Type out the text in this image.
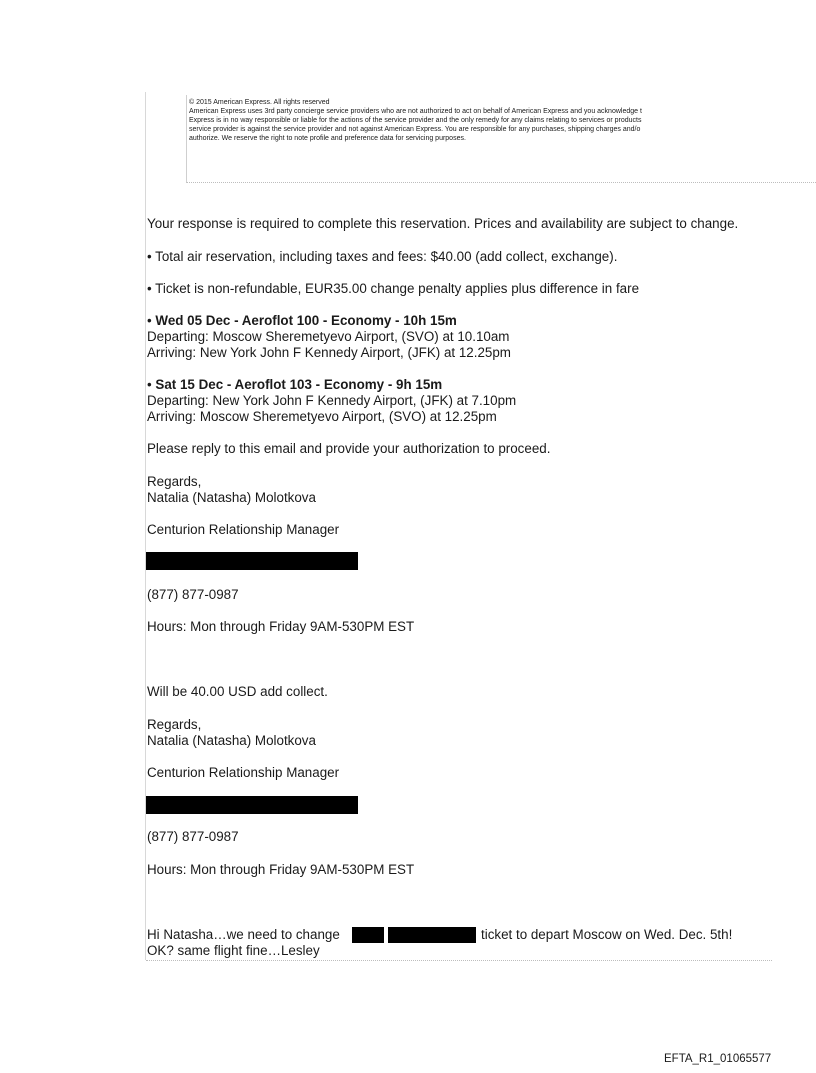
© 2015 American Express. All rights reserved
American Express uses 3rd party concierge service providers who are not authorized to act on behalf of American Express and you acknowledge t
Express is in no way responsible or liable for the actions of the service provider and the only remedy for any claims relating to services or products
service provider is against the service provider and not against American Express. You are responsible for any purchases, shipping charges and/o
authorize. We reserve the right to note profile and preference data for servicing purposes.
Your response is required to complete this reservation. Prices and availability are subject to change.
• Total air reservation, including taxes and fees: $40.00 (add collect, exchange).
• Ticket is non-refundable, EUR35.00 change penalty applies plus difference in fare
• Wed 05 Dec - Aeroflot 100 - Economy - 10h 15m
Departing: Moscow Sheremetyevo Airport, (SVO) at 10.10am
Arriving: New York John F Kennedy Airport, (JFK) at 12.25pm
• Sat 15 Dec - Aeroflot 103 - Economy - 9h 15m
Departing: New York John F Kennedy Airport, (JFK) at 7.10pm
Arriving: Moscow Sheremetyevo Airport, (SVO) at 12.25pm
Please reply to this email and provide your authorization to proceed.
Regards,
Natalia (Natasha) Molotkova
Centurion Relationship Manager
(877) 877-0987
Hours: Mon through Friday 9AM-530PM EST
Will be 40.00 USD add collect.
Regards,
Natalia (Natasha) Molotkova
Centurion Relationship Manager
(877) 877-0987
Hours: Mon through Friday 9AM-530PM EST
Hi Natasha…we need to change	ticket to depart Moscow on Wed. Dec. 5th!
OK? same flight fine…Lesley
EFTA_R1_01065577
